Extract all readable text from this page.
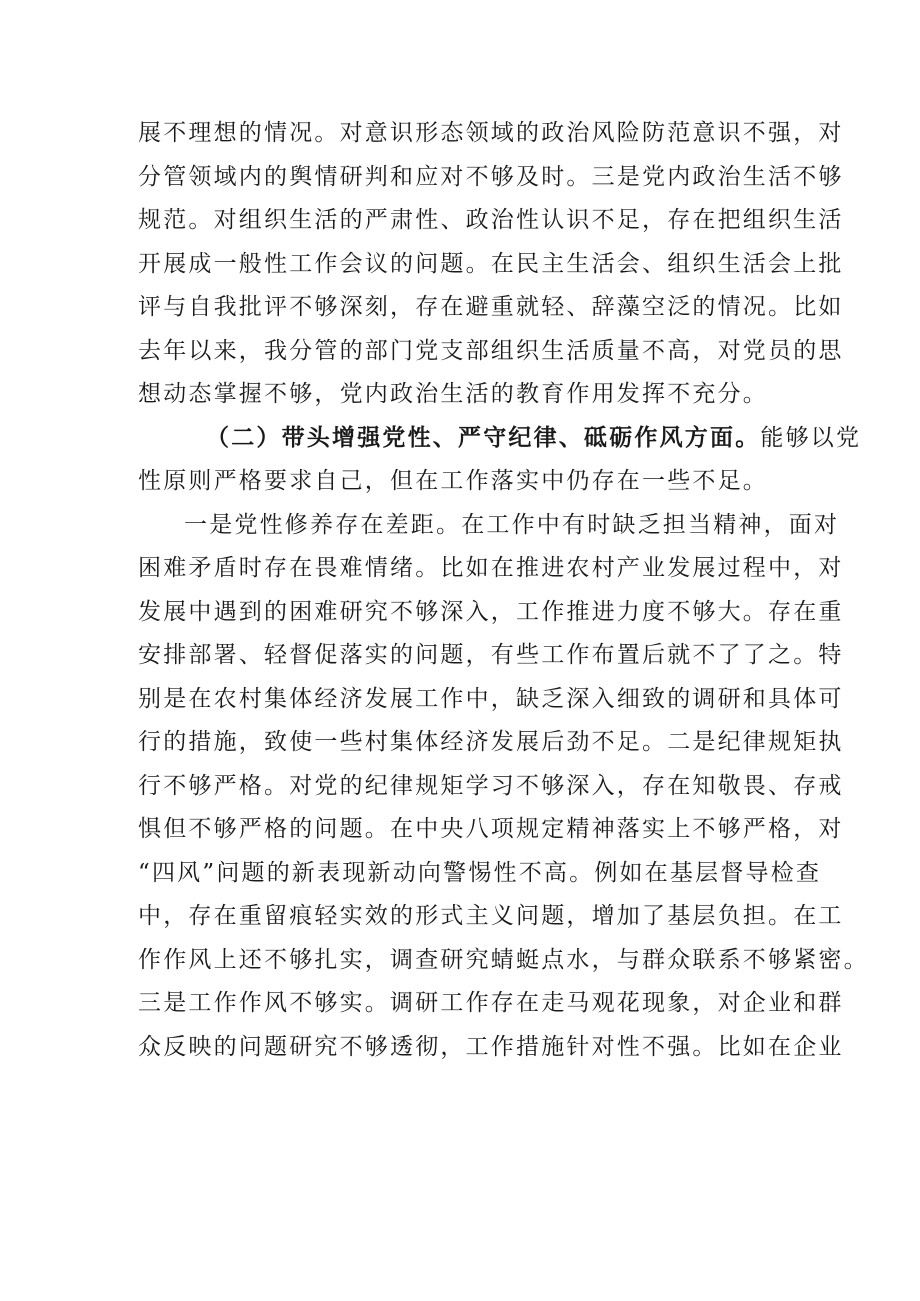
展不理想的情况。对意识形态领域的政治风险防范意识不强，对
分管领域内的舆情研判和应对不够及时。三是党内政治生活不够
规范。对组织生活的严肃性、政治性认识不足，存在把组织生活
开展成一般性工作会议的问题。在民主生活会、组织生活会上批
评与自我批评不够深刻，存在避重就轻、辞藻空泛的情况。比如
去年以来，我分管的部门党支部组织生活质量不高，对党员的思
想动态掌握不够，党内政治生活的教育作用发挥不充分。
（二）带头增强党性、严守纪律、砥砺作风方面。能够以党
性原则严格要求自己，但在工作落实中仍存在一些不足。
一是党性修养存在差距。在工作中有时缺乏担当精神，面对
困难矛盾时存在畏难情绪。比如在推进农村产业发展过程中，对
发展中遇到的困难研究不够深入，工作推进力度不够大。存在重
安排部署、轻督促落实的问题，有些工作布置后就不了了之。特
别是在农村集体经济发展工作中，缺乏深入细致的调研和具体可
行的措施，致使一些村集体经济发展后劲不足。二是纪律规矩执
行不够严格。对党的纪律规矩学习不够深入，存在知敬畏、存戒
惧但不够严格的问题。在中央八项规定精神落实上不够严格，对
“四风”问题的新表现新动向警惕性不高。例如在基层督导检查
中，存在重留痕轻实效的形式主义问题，增加了基层负担。在工
作作风上还不够扎实，调查研究蜻蜓点水，与群众联系不够紧密。
三是工作作风不够实。调研工作存在走马观花现象，对企业和群
众反映的问题研究不够透彻，工作措施针对性不强。比如在企业
